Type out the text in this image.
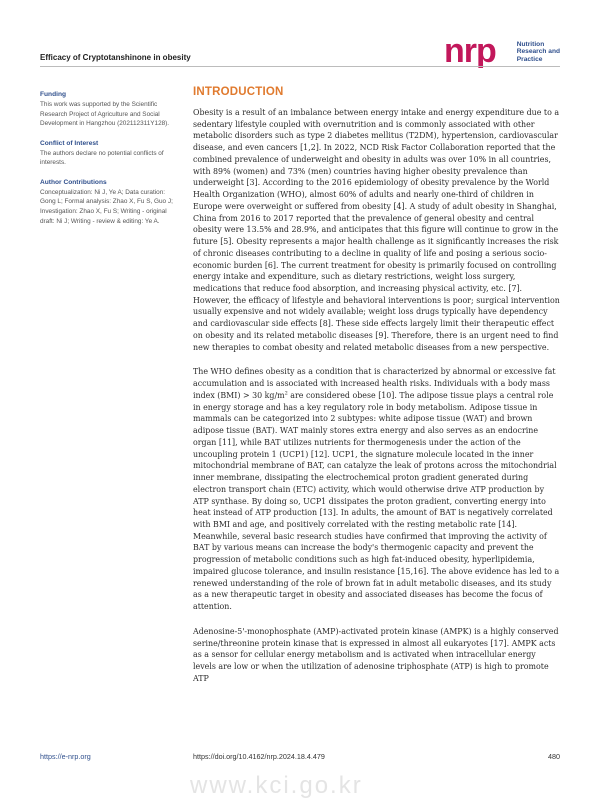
Efficacy of Cryptotanshinone in obesity	nrp	Nutrition
Research and
Practice
Funding

This work was supported by the Scientific Research Project of Agriculture and Social Development in Hangzhou (202112311Y128).

Conflict of Interest

The authors declare no potential conflicts of interests.

Author Contributions

Conceptualization: Ni J, Ye A; Data curation: Gong L; Formal analysis: Zhao X, Fu S, Guo J; Investigation: Zhao X, Fu S; Writing - original draft: Ni J; Writing - review & editing: Ye A.

INTRODUCTION

Obesity is a result of an imbalance between energy intake and energy expenditure due to a sedentary lifestyle coupled with overnutrition and is commonly associated with other metabolic disorders such as type 2 diabetes mellitus (T2DM), hypertension, cardiovascular disease, and even cancers [1,2]. In 2022, NCD Risk Factor Collaboration reported that the combined prevalence of underweight and obesity in adults was over 10% in all countries, with 89% (women) and 73% (men) countries having higher obesity prevalence than underweight [3]. According to the 2016 epidemiology of obesity prevalence by the World Health Organization (WHO), almost 60% of adults and nearly one-third of children in Europe were overweight or suffered from obesity [4]. A study of adult obesity in Shanghai, China from 2016 to 2017 reported that the prevalence of general obesity and central obesity were 13.5% and 28.9%, and anticipates that this figure will continue to grow in the future [5]. Obesity represents a major health challenge as it significantly increases the risk of chronic diseases contributing to a decline in quality of life and posing a serious socio-economic burden [6]. The current treatment for obesity is primarily focused on controlling energy intake and expenditure, such as dietary restrictions, weight loss surgery, medications that reduce food absorption, and increasing physical activity, etc. [7]. However, the efficacy of lifestyle and behavioral interventions is poor; surgical intervention usually expensive and not widely available; weight loss drugs typically have dependency and cardiovascular side effects [8]. These side effects largely limit their therapeutic effect on obesity and its related metabolic diseases [9]. Therefore, there is an urgent need to find new therapies to combat obesity and related metabolic diseases from a new perspective.

The WHO defines obesity as a condition that is characterized by abnormal or excessive fat accumulation and is associated with increased health risks. Individuals with a body mass index (BMI) > 30 $kg/m^2$ are considered obese [10]. The adipose tissue plays a central role in energy storage and has a key regulatory role in body metabolism. Adipose tissue in mammals can be categorized into 2 subtypes: white adipose tissue (WAT) and brown adipose tissue (BAT). WAT mainly stores extra energy and also serves as an endocrine organ [11], while BAT utilizes nutrients for thermogenesis under the action of the uncoupling protein 1 (UCP1) [12]. UCP1, the signature molecule located in the inner mitochondrial membrane of BAT, can catalyze the leak of protons across the mitochondrial inner membrane, dissipating the electrochemical proton gradient generated during electron transport chain (ETC) activity, which would otherwise drive ATP production by ATP synthase. By doing so, UCP1 dissipates the proton gradient, converting energy into heat instead of ATP production [13]. In adults, the amount of BAT is negatively correlated with BMI and age, and positively correlated with the resting metabolic rate [14]. Meanwhile, several basic research studies have confirmed that improving the activity of BAT by various means can increase the body's thermogenic capacity and prevent the progression of metabolic conditions such as high fat-induced obesity, hyperlipidemia, impaired glucose tolerance, and insulin resistance [15,16]. The above evidence has led to a renewed understanding of the role of brown fat in adult metabolic diseases, and its study as a new therapeutic target in obesity and associated diseases has become the focus of attention.

Adenosine-5'-monophosphate (AMP)-activated protein kinase (AMPK) is a highly conserved serine/threonine protein kinase that is expressed in almost all eukaryotes [17]. AMPK acts as a sensor for cellular energy metabolism and is activated when intracellular energy levels are low or when the utilization of adenosine triphosphate (ATP) is high to promote ATP

https://e-nrp.org	https://doi.org/10.4162/nrp.2024.18.4.479	480
www.kci.go.kr
